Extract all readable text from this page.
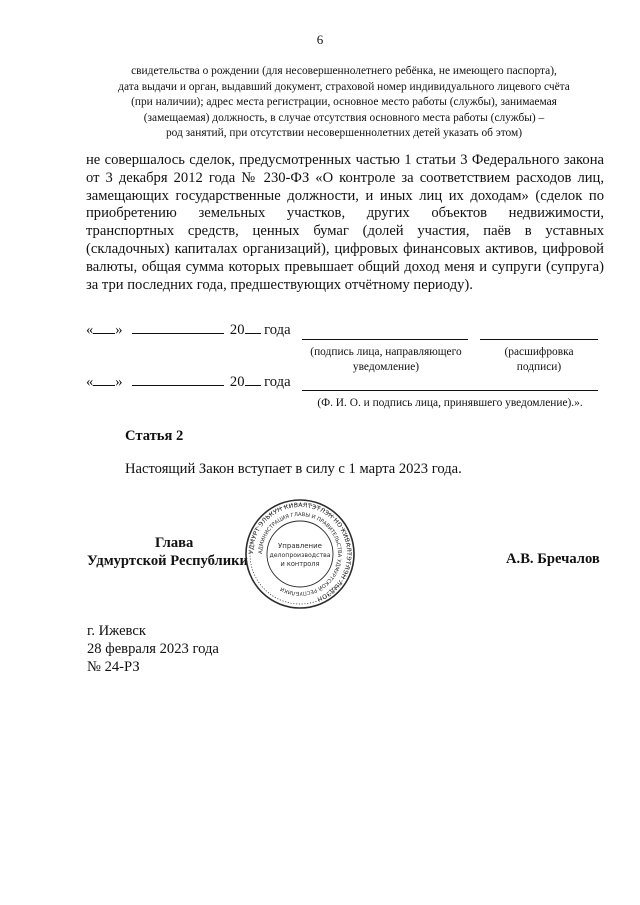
6
свидетельства о рождении (для несовершеннолетнего ребёнка, не имеющего паспорта),
дата выдачи и орган, выдавший документ, страховой номер индивидуального лицевого счёта
(при наличии); адрес места регистрации, основное место работы (службы), занимаемая
(замещаемая) должность, в случае отсутствия основного места работы (службы) –
род занятий, при отсутствии несовершеннолетних детей указать об этом)
не совершалось сделок, предусмотренных частью 1 статьи 3 Федерального закона от 3 декабря 2012 года № 230-ФЗ «О контроле за соответствием расходов лиц, замещающих государственные должности, и иных лиц их доходам» (сделок по приобретению земельных участков, других объектов недвижимости, транспортных средств, ценных бумаг (долей участия, паёв в уставных (складочных) капиталах организаций), цифровых финансовых активов, цифровой валюты, общая сумма которых превышает общий доход меня и супруги (супруга) за три последних года, предшествующих отчётному периоду).
« »	20 года
(подпись лица, направляющего уведомление)
(расшифровка подписи)
« »	20 года
(Ф. И. О. и подпись лица, принявшего уведомление).».
Статья 2
Настоящий Закон вступает в силу с 1 марта 2023 года.
Глава
Удмуртской Республики	А.В. Бречалов
УДМУРТ ЭЛЬКУН КИВАЛТЭТЛЭН НО КИВАЛТЭТЛЭН ЛЫДЗОН
АДМИНИСТРАЦИЯ ГЛАВЫ И ПРАВИТЕЛЬСТВА УДМУРТСКОЙ РЕСПУБЛИКИ
Управление
делопроизводства
и контроля
г. Ижевск
28 февраля 2023 года
№ 24-РЗ
